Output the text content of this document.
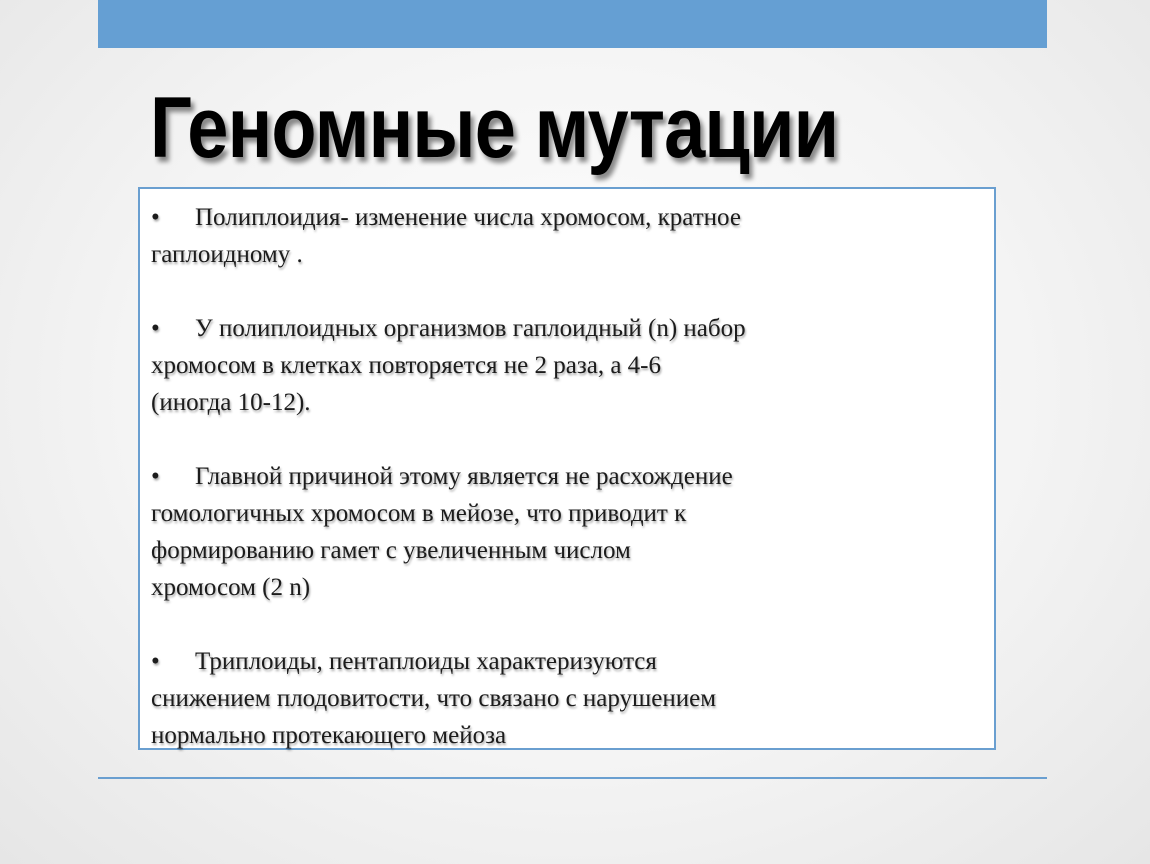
Геномные мутации
• Полиплоидия- изменение числа хромосом, кратное
гаплоидному .
• У полиплоидных организмов гаплоидный (n) набор
хромосом в клетках повторяется не 2 раза, а 4-6
(иногда 10-12).
• Главной причиной этому является не расхождение
гомологичных хромосом в мейозе, что приводит к
формированию гамет с увеличенным числом
хромосом (2 n)
• Триплоиды, пентаплоиды характеризуются
снижением плодовитости, что связано с нарушением
нормально протекающего мейоза
